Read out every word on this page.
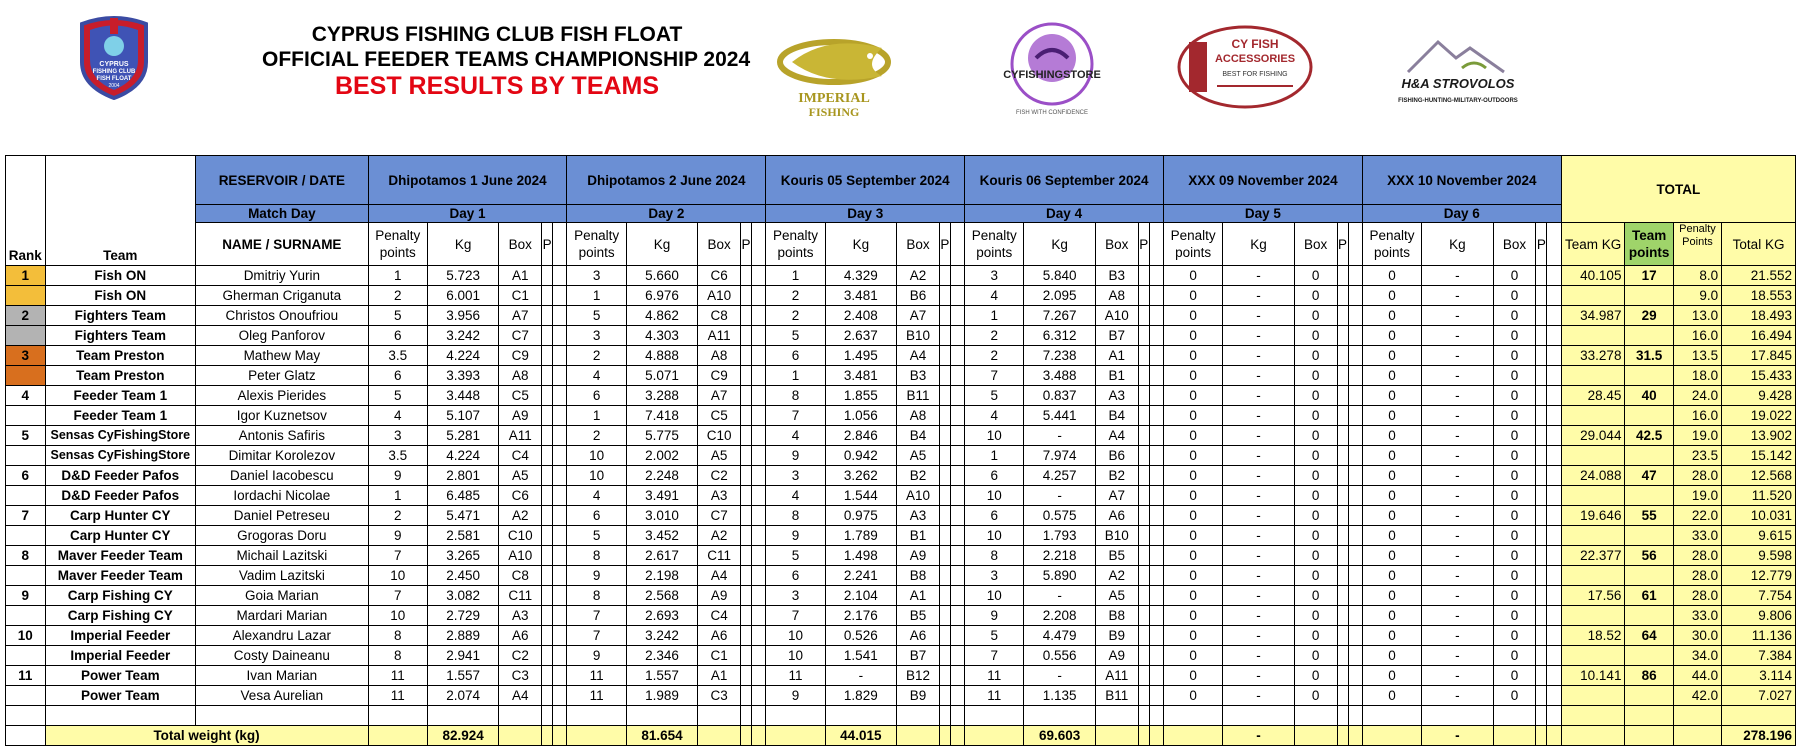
CYPRUS
FISHING CLUB
FISH FLOAT
2004
CYPRUS FISHING CLUB FISH FLOAT
OFFICIAL FEEDER TEAMS CHAMPIONSHIP 2024
BEST RESULTS BY TEAMS	IMPERIAL
FISHING
CYFISHINGSTORE
FISH WITH CONFIDENCE
CY FISH
ACCESSORIES
BEST FOR FISHING
H&A STROVOLOS
FISHING-HUNTING-MILITARY-OUTDOORS
Rank	Team	RESERVOIR / DATE	Dhipotamos 1 June 2024					Dhipotamos 2 June 2024					Kouris 05 September 2024					Kouris 06 September 2024					XXX 09 November 2024					XXX 10 November 2024					TOTAL			
		Match Day	Day 1					Day 2					Day 3					Day 4					Day 5					Day 6								
		NAME / SURNAME	Penalty points	Kg	Box	P		Penalty points	Kg	Box	P		Penalty points	Kg	Box	P		Penalty points	Kg	Box	P		Penalty points	Kg	Box	P		Penalty points	Kg	Box	P		Team KG	Team points	Penalty Points	Total KG
1	Fish ON	Dmitriy Yurin	1	5.723	A1			3	5.660	C6			1	4.329	A2			3	5.840	B3			0	-	0			0	-	0			40.105	17	8.0	21.552
	Fish ON	Gherman Criganuta	2	6.001	C1			1	6.976	A10			2	3.481	B6			4	2.095	A8			0	-	0			0	-	0					9.0	18.553
2	Fighters Team	Christos Onoufriou	5	3.956	A7			5	4.862	C8			2	2.408	A7			1	7.267	A10			0	-	0			0	-	0			34.987	29	13.0	18.493
	Fighters Team	Oleg Panforov	6	3.242	C7			3	4.303	A11			5	2.637	B10			2	6.312	B7			0	-	0			0	-	0					16.0	16.494
3	Team Preston	Mathew May	3.5	4.224	C9			2	4.888	A8			6	1.495	A4			2	7.238	A1			0	-	0			0	-	0			33.278	31.5	13.5	17.845
	Team Preston	Peter Glatz	6	3.393	A8			4	5.071	C9			1	3.481	B3			7	3.488	B1			0	-	0			0	-	0					18.0	15.433
4	Feeder Team 1	Alexis Pierides	5	3.448	C5			6	3.288	A7			8	1.855	B11			5	0.837	A3			0	-	0			0	-	0			28.45	40	24.0	9.428
	Feeder Team 1	Igor Kuznetsov	4	5.107	A9			1	7.418	C5			7	1.056	A8			4	5.441	B4			0	-	0			0	-	0					16.0	19.022
5	Sensas CyFishingStore	Antonis Safiris	3	5.281	A11			2	5.775	C10			4	2.846	B4			10	-	A4			0	-	0			0	-	0			29.044	42.5	19.0	13.902
	Sensas CyFishingStore	Dimitar Korolezov	3.5	4.224	C4			10	2.002	A5			9	0.942	A5			1	7.974	B6			0	-	0			0	-	0					23.5	15.142
6	D&D Feeder Pafos	Daniel Iacobescu	9	2.801	A5			10	2.248	C2			3	3.262	B2			6	4.257	B2			0	-	0			0	-	0			24.088	47	28.0	12.568
	D&D Feeder Pafos	Iordachi Nicolae	1	6.485	C6			4	3.491	A3			4	1.544	A10			10	-	A7			0	-	0			0	-	0					19.0	11.520
7	Carp Hunter CY	Daniel Petreseu	2	5.471	A2			6	3.010	C7			8	0.975	A3			6	0.575	A6			0	-	0			0	-	0			19.646	55	22.0	10.031
	Carp Hunter CY	Grogoras Doru	9	2.581	C10			5	3.452	A2			9	1.789	B1			10	1.793	B10			0	-	0			0	-	0					33.0	9.615
8	Maver Feeder Team	Michail Lazitski	7	3.265	A10			8	2.617	C11			5	1.498	A9			8	2.218	B5			0	-	0			0	-	0			22.377	56	28.0	9.598
	Maver Feeder Team	Vadim Lazitski	10	2.450	C8			9	2.198	A4			6	2.241	B8			3	5.890	A2			0	-	0			0	-	0					28.0	12.779
9	Carp Fishing CY	Goia Marian	7	3.082	C11			8	2.568	A9			3	2.104	A1			10	-	A5			0	-	0			0	-	0			17.56	61	28.0	7.754
	Carp Fishing CY	Mardari Marian	10	2.729	A3			7	2.693	C4			7	2.176	B5			9	2.208	B8			0	-	0			0	-	0					33.0	9.806
10	Imperial Feeder	Alexandru Lazar	8	2.889	A6			7	3.242	A6			10	0.526	A6			5	4.479	B9			0	-	0			0	-	0			18.52	64	30.0	11.136
	Imperial Feeder	Costy Daineanu	8	2.941	C2			9	2.346	C1			10	1.541	B7			7	0.556	A9			0	-	0			0	-	0					34.0	7.384
11	Power Team	Ivan Marian	11	1.557	C3			11	1.557	A1			11	-	B12			11	-	A11			0	-	0			0	-	0			10.141	86	44.0	3.114
	Power Team	Vesa Aurelian	11	2.074	A4			11	1.989	C3			9	1.829	B9			11	1.135	B11			0	-	0			0	-	0					42.0	7.027

	Total weight (kg)			82.924					81.654					44.015					69.603					-					-							278.196
